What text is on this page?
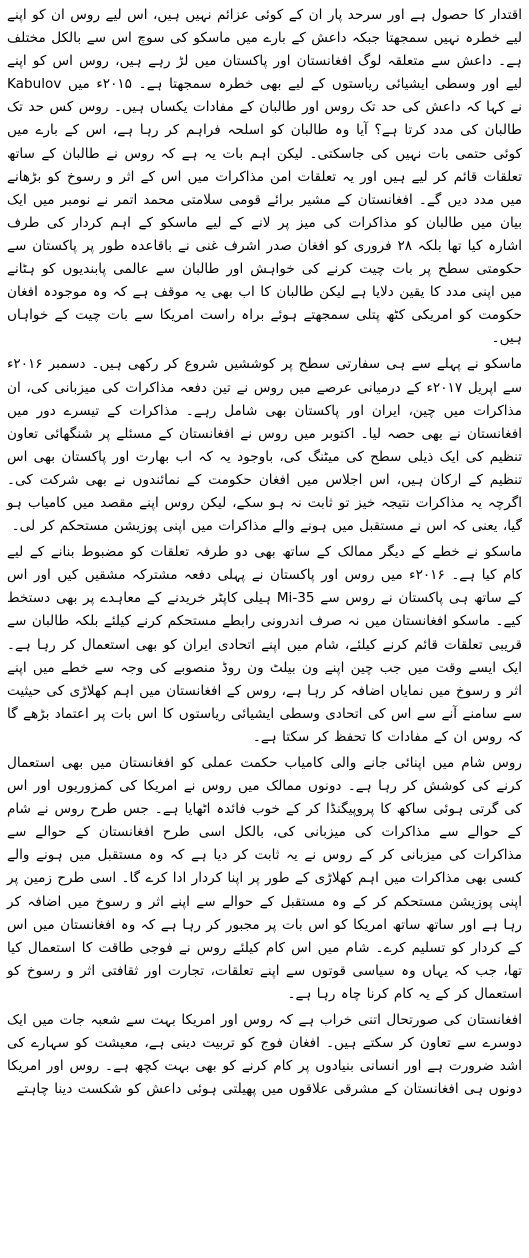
اقتدار کا حصول ہے اور سرحد پار ان کے کوئی عزائم نہیں ہیں، اس لیے روس ان کو اپنے لیے خطرہ نہیں سمجھتا جبکہ داعش کے بارے میں ماسکو کی سوچ اس سے بالکل مختلف ہے۔ داعش سے متعلقہ لوگ افغانستان اور پاکستان میں لڑ رہے ہیں، روس اس کو اپنے لیے اور وسطی ایشیائی ریاستوں کے لیے بھی خطرہ سمجھتا ہے۔ ۲۰۱۵ء میں Kabulov نے کہا کہ داعش کی حد تک روس اور طالبان کے مفادات یکساں ہیں۔ روس کس حد تک طالبان کی مدد کرتا ہے؟ آیا وہ طالبان کو اسلحہ فراہم کر رہا ہے، اس کے بارے میں کوئی حتمی بات نہیں کی جاسکتی۔ لیکن اہم بات یہ ہے کہ روس نے طالبان کے ساتھ تعلقات قائم کر لیے ہیں اور یہ تعلقات امن مذاکرات میں اس کے اثر و رسوخ کو بڑھانے میں مدد دیں گے۔ افغانستان کے مشیر برائے قومی سلامتی محمد اتمر نے نومبر میں ایک بیان میں طالبان کو مذاکرات کی میز پر لانے کے لیے ماسکو کے اہم کردار کی طرف اشارہ کیا تھا بلکہ ۲۸ فروری کو افغان صدر اشرف غنی نے باقاعدہ طور پر پاکستان سے حکومتی سطح پر بات چیت کرنے کی خواہش اور طالبان سے عالمی پابندیوں کو ہٹانے میں اپنی مدد کا یقین دلایا ہے لیکن طالبان کا اب بھی یہ موقف ہے کہ وہ موجودہ افغان حکومت کو امریکی کٹھ پتلی سمجھتے ہوئے براہ راست امریکا سے بات چیت کے خواہاں ہیں۔

ماسکو نے پہلے سے ہی سفارتی سطح پر کوششیں شروع کر رکھی ہیں۔ دسمبر ۲۰۱۶ء سے اپریل ۲۰۱۷ء کے درمیانی عرصے میں روس نے تین دفعہ مذاکرات کی میزبانی کی، ان مذاکرات میں چین، ایران اور پاکستان بھی شامل رہے۔ مذاکرات کے تیسرے دور میں افغانستان نے بھی حصہ لیا۔ اکتوبر میں روس نے افغانستان کے مسئلے پر شنگھائی تعاون تنظیم کی ایک ذیلی سطح کی میٹنگ کی، باوجود یہ کہ اب بھارت اور پاکستان بھی اس تنظیم کے ارکان ہیں، اس اجلاس میں افغان حکومت کے نمائندوں نے بھی شرکت کی۔ اگرچہ یہ مذاکرات نتیجہ خیز تو ثابت نہ ہو سکے، لیکن روس اپنے مقصد میں کامیاب ہو گیا، یعنی کہ اس نے مستقبل میں ہونے والے مذاکرات میں اپنی پوزیشن مستحکم کر لی۔

ماسکو نے خطے کے دیگر ممالک کے ساتھ بھی دو طرفہ تعلقات کو مضبوط بنانے کے لیے کام کیا ہے۔ ۲۰۱۶ء میں روس اور پاکستان نے پہلی دفعہ مشترکہ مشقیں کیں اور اس کے ساتھ ہی پاکستان نے روس سے Mi-35 ہیلی کاپٹر خریدنے کے معاہدے پر بھی دستخط کیے۔ ماسکو افغانستان میں نہ صرف اندرونی رابطے مستحکم کرنے کیلئے بلکہ طالبان سے قریبی تعلقات قائم کرنے کیلئے، شام میں اپنے اتحادی ایران کو بھی استعمال کر رہا ہے۔ ایک ایسے وقت میں جب چین اپنے ون بیلٹ ون روڈ منصوبے کی وجہ سے خطے میں اپنے اثر و رسوخ میں نمایاں اضافہ کر رہا ہے، روس کے افغانستان میں اہم کھلاڑی کی حیثیت سے سامنے آنے سے اس کی اتحادی وسطی ایشیائی ریاستوں کا اس بات پر اعتماد بڑھے گا کہ روس ان کے مفادات کا تحفظ کر سکتا ہے۔

روس شام میں اپنائی جانے والی کامیاب حکمت عملی کو افغانستان میں بھی استعمال کرنے کی کوشش کر رہا ہے۔ دونوں ممالک میں روس نے امریکا کی کمزوریوں اور اس کی گرتی ہوئی ساکھ کا پروپیگنڈا کر کے خوب فائدہ اٹھایا ہے۔ جس طرح روس نے شام کے حوالے سے مذاکرات کی میزبانی کی، بالکل اسی طرح افغانستان کے حوالے سے مذاکرات کی میزبانی کر کے روس نے یہ ثابت کر دیا ہے کہ وہ مستقبل میں ہونے والے کسی بھی مذاکرات میں اہم کھلاڑی کے طور پر اپنا کردار ادا کرے گا۔ اسی طرح زمین پر اپنی پوزیشن مستحکم کر کے وہ مستقبل کے حوالے سے اپنے اثر و رسوخ میں اضافہ کر رہا ہے اور ساتھ ساتھ امریکا کو اس بات پر مجبور کر رہا ہے کہ وہ افغانستان میں اس کے کردار کو تسلیم کرے۔ شام میں اس کام کیلئے روس نے فوجی طاقت کا استعمال کیا تھا، جب کہ یہاں وہ سیاسی قوتوں سے اپنے تعلقات، تجارت اور ثقافتی اثر و رسوخ کو استعمال کر کے یہ کام کرنا چاہ رہا ہے۔

افغانستان کی صورتحال اتنی خراب ہے کہ روس اور امریکا بہت سے شعبہ جات میں ایک دوسرے سے تعاون کر سکتے ہیں۔ افغان فوج کو تربیت دینی ہے، معیشت کو سہارے کی اشد ضرورت ہے اور انسانی بنیادوں پر کام کرنے کو بھی بہت کچھ ہے۔ روس اور امریکا دونوں ہی افغانستان کے مشرقی علاقوں میں پھیلتی ہوئی داعش کو شکست دینا چاہتے
